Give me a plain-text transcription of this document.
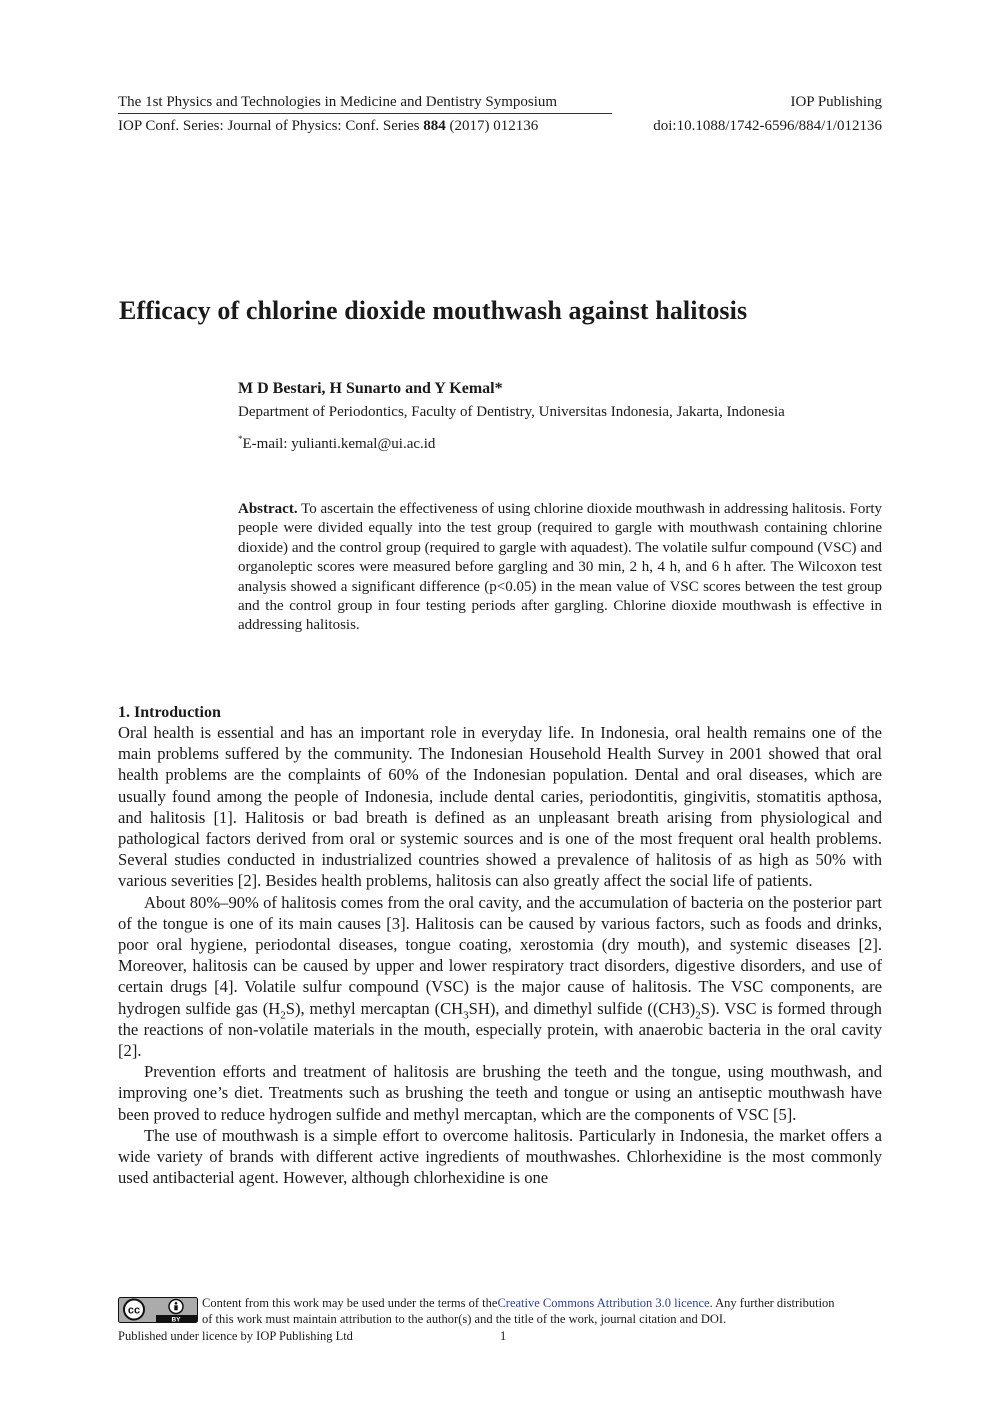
The 1st Physics and Technologies in Medicine and Dentistry Symposium	IOP Publishing
IOP Conf. Series: Journal of Physics: Conf. Series 884 (2017) 012136	doi:10.1088/1742-6596/884/1/012136
Efficacy of chlorine dioxide mouthwash against halitosis
M D Bestari, H Sunarto and Y Kemal*
Department of Periodontics, Faculty of Dentistry, Universitas Indonesia, Jakarta, Indonesia
*E-mail: yulianti.kemal@ui.ac.id
Abstract. To ascertain the effectiveness of using chlorine dioxide mouthwash in addressing halitosis. Forty people were divided equally into the test group (required to gargle with mouthwash containing chlorine dioxide) and the control group (required to gargle with aquadest). The volatile sulfur compound (VSC) and organoleptic scores were measured before gargling and 30 min, 2 h, 4 h, and 6 h after. The Wilcoxon test analysis showed a significant difference (p<0.05) in the mean value of VSC scores between the test group and the control group in four testing periods after gargling. Chlorine dioxide mouthwash is effective in addressing halitosis.
1. Introduction

Oral health is essential and has an important role in everyday life. In Indonesia, oral health remains one of the main problems suffered by the community. The Indonesian Household Health Survey in 2001 showed that oral health problems are the complaints of 60% of the Indonesian population. Dental and oral diseases, which are usually found among the people of Indonesia, include dental caries, periodontitis, gingivitis, stomatitis apthosa, and halitosis [1]. Halitosis or bad breath is defined as an unpleasant breath arising from physiological and pathological factors derived from oral or systemic sources and is one of the most frequent oral health problems. Several studies conducted in industrialized countries showed a prevalence of halitosis of as high as 50% with various severities [2]. Besides health problems, halitosis can also greatly affect the social life of patients.

About 80%–90% of halitosis comes from the oral cavity, and the accumulation of bacteria on the posterior part of the tongue is one of its main causes [3]. Halitosis can be caused by various factors, such as foods and drinks, poor oral hygiene, periodontal diseases, tongue coating, xerostomia (dry mouth), and systemic diseases [2]. Moreover, halitosis can be caused by upper and lower respiratory tract disorders, digestive disorders, and use of certain drugs [4]. Volatile sulfur compound (VSC) is the major cause of halitosis. The VSC components, are hydrogen sulfide gas $(H_2S)$, methyl mercaptan $(CH_3SH)$, and dimethyl sulfide $((CH3)_2S)$. VSC is formed through the reactions of non-volatile materials in the mouth, especially protein, with anaerobic bacteria in the oral cavity [2].

Prevention efforts and treatment of halitosis are brushing the teeth and the tongue, using mouthwash, and improving one’s diet. Treatments such as brushing the teeth and tongue or using an antiseptic mouthwash have been proved to reduce hydrogen sulfide and methyl mercaptan, which are the components of VSC [5].

The use of mouthwash is a simple effort to overcome halitosis. Particularly in Indonesia, the market offers a wide variety of brands with different active ingredients of mouthwashes. Chlorhexidine is the most commonly used antibacterial agent. However, although chlorhexidine is one

cc
BY
Content from this work may be used under the terms of theCreative Commons Attribution 3.0 licence. Any further distribution
of this work must maintain attribution to the author(s) and the title of the work, journal citation and DOI.
Published under licence by IOP Publishing Ltd	1
